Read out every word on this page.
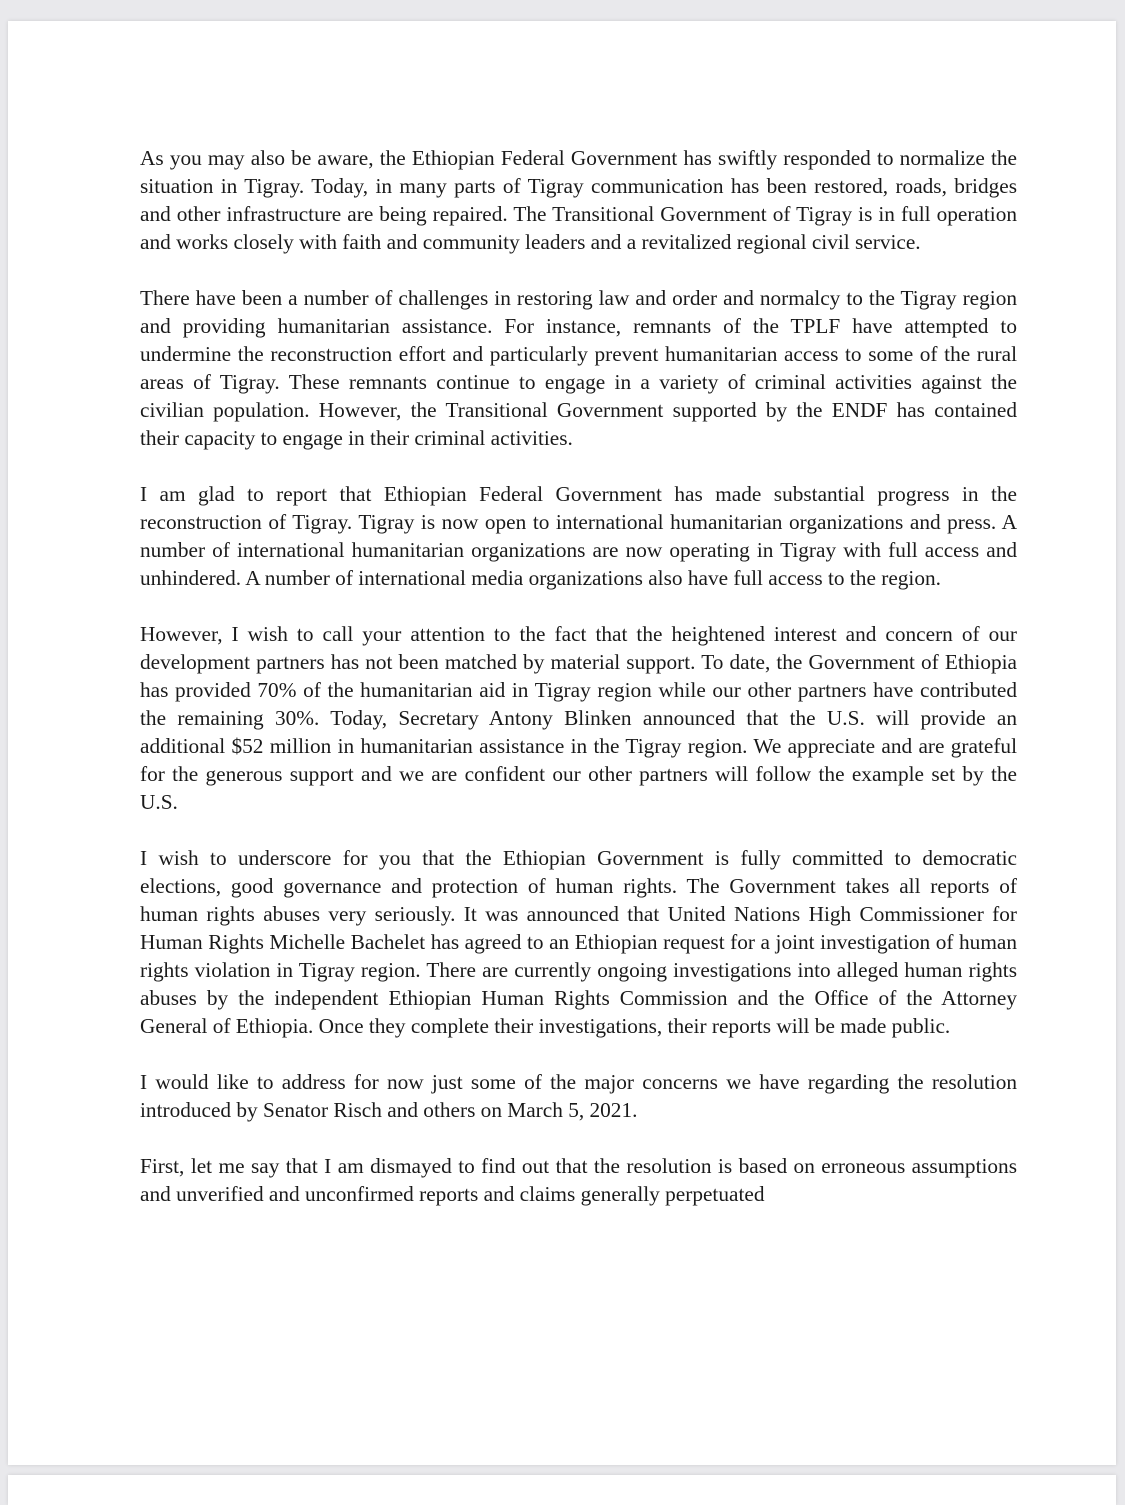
As you may also be aware, the Ethiopian Federal Government has swiftly responded to normalize the situation in Tigray. Today, in many parts of Tigray communication has been restored, roads, bridges and other infrastructure are being repaired. The Transitional Government of Tigray is in full operation and works closely with faith and community leaders and a revitalized regional civil service.

There have been a number of challenges in restoring law and order and normalcy to the Tigray region and providing humanitarian assistance. For instance, remnants of the TPLF have attempted to undermine the reconstruction effort and particularly prevent humanitarian access to some of the rural areas of Tigray. These remnants continue to engage in a variety of criminal activities against the civilian population. However, the Transitional Government supported by the ENDF has contained their capacity to engage in their criminal activities.

I am glad to report that Ethiopian Federal Government has made substantial progress in the reconstruction of Tigray. Tigray is now open to international humanitarian organizations and press. A number of international humanitarian organizations are now operating in Tigray with full access and unhindered. A number of international media organizations also have full access to the region.

However, I wish to call your attention to the fact that the heightened interest and concern of our development partners has not been matched by material support. To date, the Government of Ethiopia has provided 70% of the humanitarian aid in Tigray region while our other partners have contributed the remaining 30%. Today, Secretary Antony Blinken announced that the U.S. will provide an additional $52 million in humanitarian assistance in the Tigray region. We appreciate and are grateful for the generous support and we are confident our other partners will follow the example set by the U.S.

I wish to underscore for you that the Ethiopian Government is fully committed to democratic elections, good governance and protection of human rights. The Government takes all reports of human rights abuses very seriously. It was announced that United Nations High Commissioner for Human Rights Michelle Bachelet has agreed to an Ethiopian request for a joint investigation of human rights violation in Tigray region. There are currently ongoing investigations into alleged human rights abuses by the independent Ethiopian Human Rights Commission and the Office of the Attorney General of Ethiopia. Once they complete their investigations, their reports will be made public.

I would like to address for now just some of the major concerns we have regarding the resolution introduced by Senator Risch and others on March 5, 2021.

First, let me say that I am dismayed to find out that the resolution is based on erroneous assumptions and unverified and unconfirmed reports and claims generally perpetuated
